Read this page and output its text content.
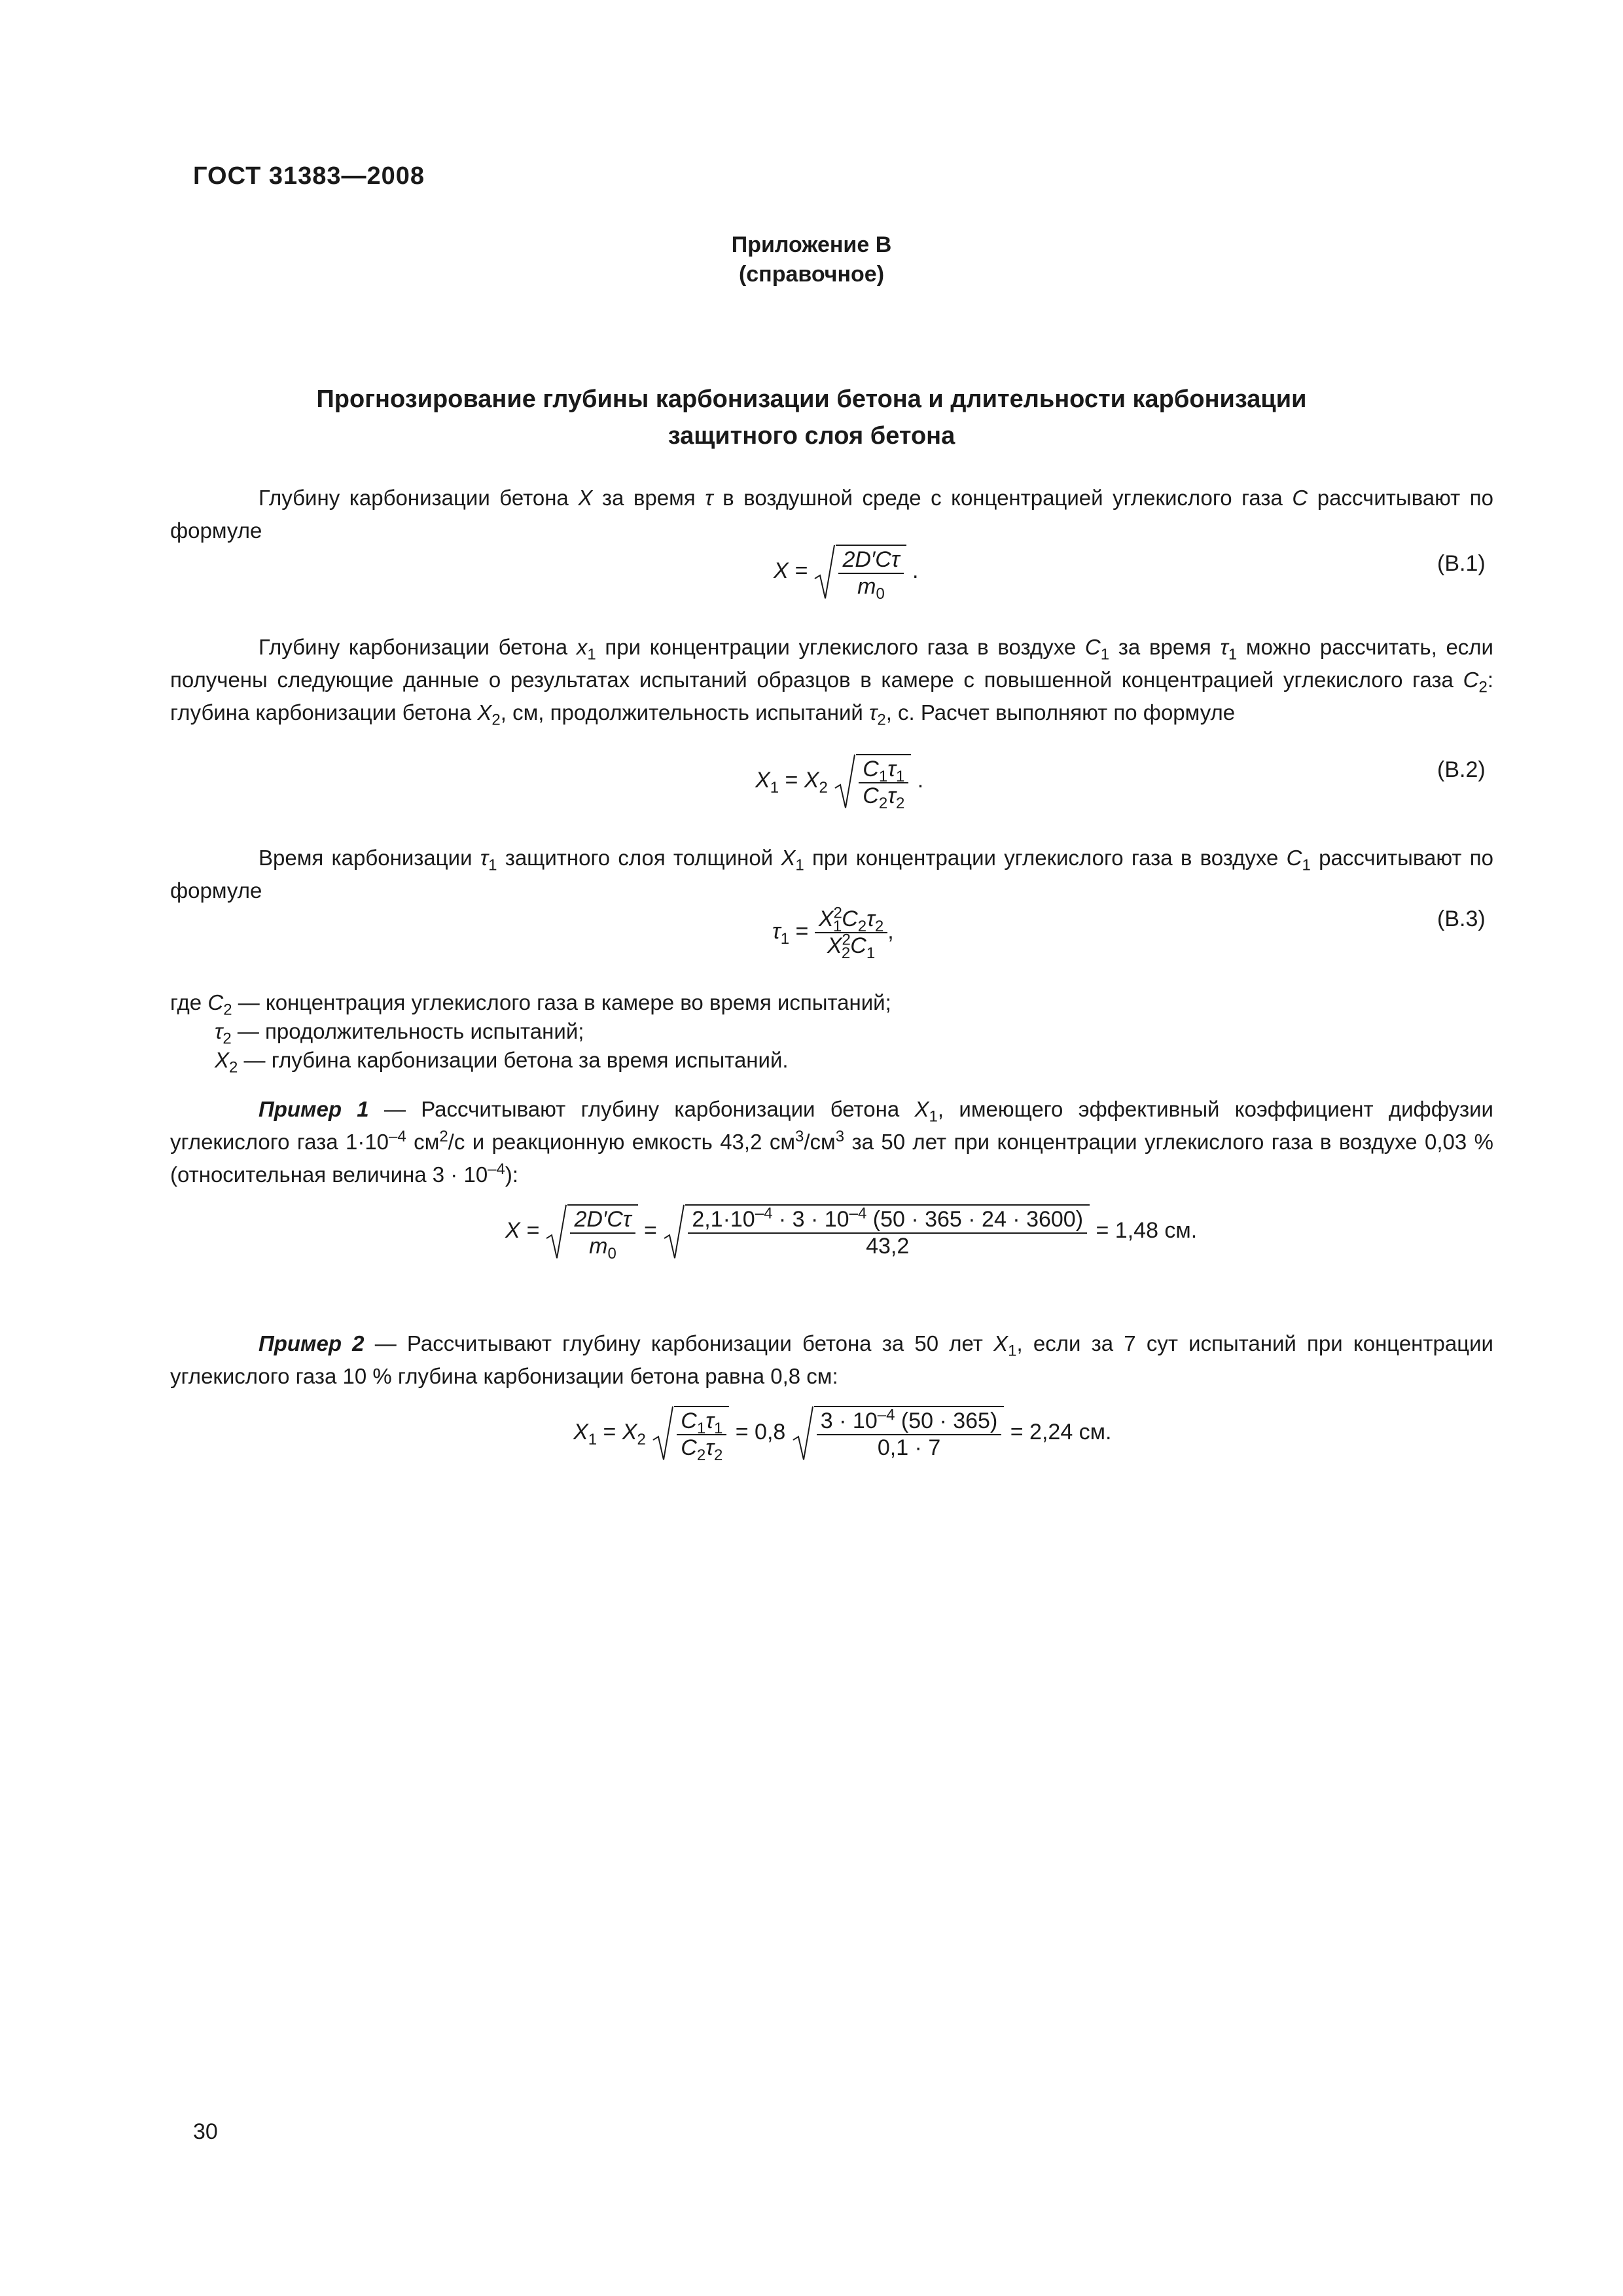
ГОСТ 31383—2008
Приложение В
(справочное)
Прогнозирование глубины карбонизации бетона и длительности карбонизации
защитного слоя бетона
Глубину карбонизации бетона X за время τ в воздушной среде с концентрацией углекислого газа C рассчитывают по формуле
$X = \frac{2D'C\tau}{m_0}$ .	(В.1)
Глубину карбонизации бетона $x_1$ при концентрации углекислого газа в воздухе $C_1$ за время $\tau_1$ можно рассчитать, если получены следующие данные о результатах испытаний образцов в камере с повышенной концентрацией углекислого газа $C_2$: глубина карбонизации бетона $X_2$, см, продолжительность испытаний $\tau_2$, с. Расчет выполняют по формуле
$X_1 = X_2 \frac{C_1\tau_1}{C_2\tau_2}$ .	(В.2)
Время карбонизации $\tau_1$ защитного слоя толщиной $X_1$ при концентрации углекислого газа в воздухе $C_1$ рассчитывают по формуле
$\tau_1 = \frac{X^2_1C_2\tau_2}{X^2_2C_1}$ ,	(В.3)
где $C_2$ — концентрация углекислого газа в камере во время испытаний;
$\tau_2$ — продолжительность испытаний;
$X_2$ — глубина карбонизации бетона за время испытаний.
Пример 1 — Рассчитывают глубину карбонизации бетона $X_1$, имеющего эффективный коэффициент диффузии углекислого газа $1\cdot 10^{-4}$ $см^2/с$ и реакционную емкость 43,2 $см^3/см^3$ за 50 лет при концентрации углекислого газа в воздухе 0,03 % (относительная величина $3 \cdot 10^{-4}$):
$X = \frac{2D'C\tau}{m_0} = \frac{2,1\cdot 10^{-4} \cdot 3 \cdot 10^{-4} (50 \cdot 365 \cdot 24 \cdot 3600)}{43,2} = 1,48$ см.
Пример 2 — Рассчитывают глубину карбонизации бетона за 50 лет $X_1$, если за 7 сут испытаний при концентрации углекислого газа 10 % глубина карбонизации бетона равна 0,8 см:
$X_1 = X_2 \frac{C_1\tau_1}{C_2\tau_2} = 0,8 \frac{3 \cdot 10^{-4} (50 \cdot 365)}{0,1 \cdot 7} = 2,24$ см.
30
